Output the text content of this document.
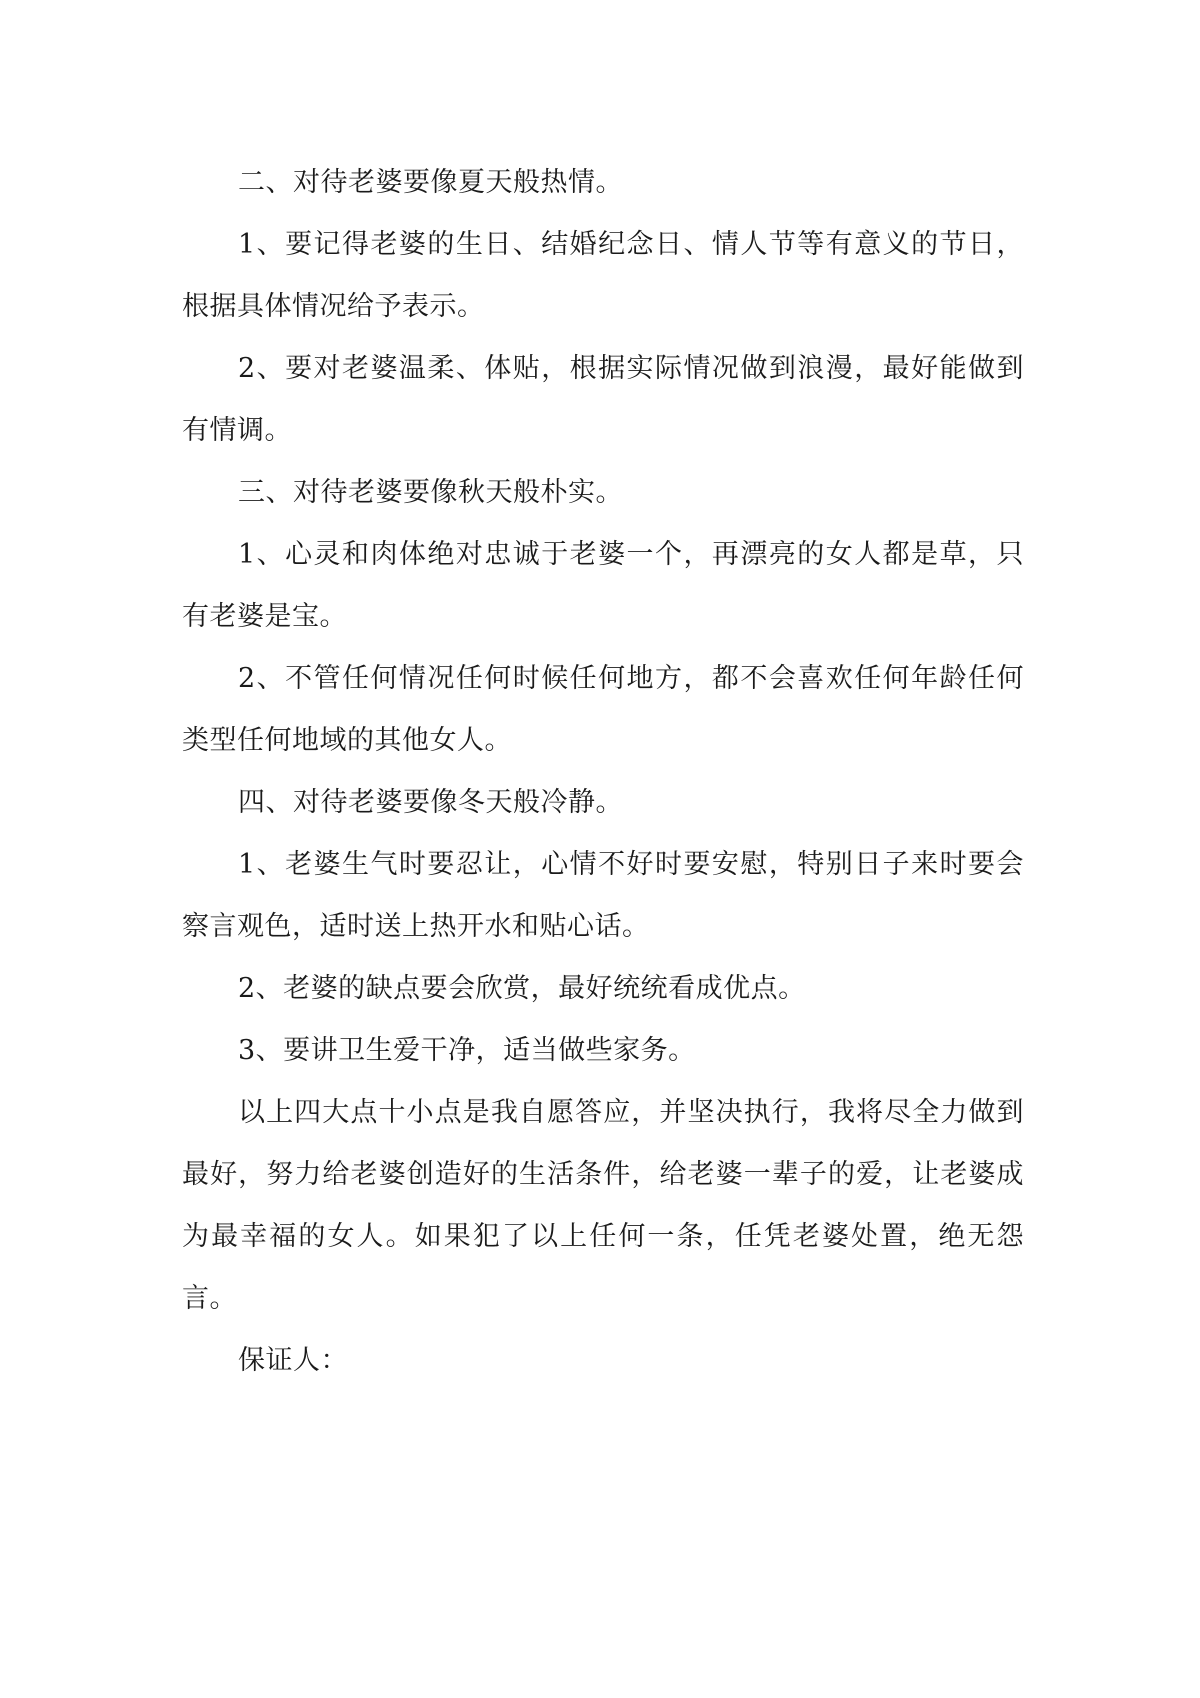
二、对待老婆要像夏天般热情。

1、要记得老婆的生日、结婚纪念日、情人节等有意义的节日，根据具体情况给予表示。

2、要对老婆温柔、体贴，根据实际情况做到浪漫，最好能做到有情调。

三、对待老婆要像秋天般朴实。

1、心灵和肉体绝对忠诚于老婆一个，再漂亮的女人都是草，只有老婆是宝。

2、不管任何情况任何时候任何地方，都不会喜欢任何年龄任何类型任何地域的其他女人。

四、对待老婆要像冬天般冷静。

1、老婆生气时要忍让，心情不好时要安慰，特别日子来时要会察言观色，适时送上热开水和贴心话。

2、老婆的缺点要会欣赏，最好统统看成优点。

3、要讲卫生爱干净，适当做些家务。

以上四大点十小点是我自愿答应，并坚决执行，我将尽全力做到最好，努力给老婆创造好的生活条件，给老婆一辈子的爱，让老婆成为最幸福的女人。如果犯了以上任何一条，任凭老婆处置，绝无怨言。

保证人：
